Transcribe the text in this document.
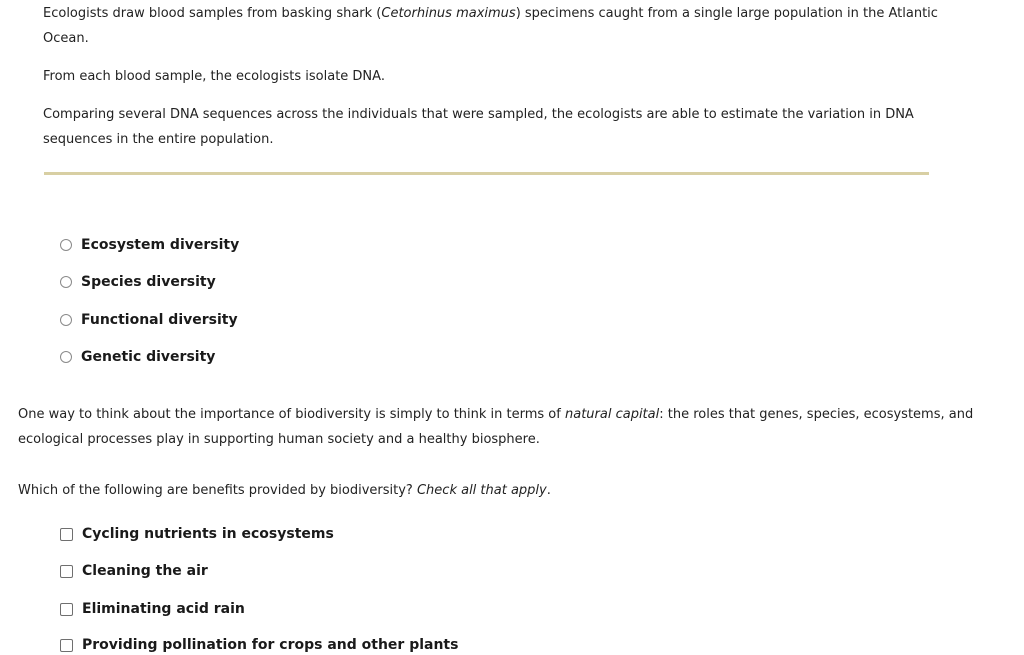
Ecologists draw blood samples from basking shark (Cetorhinus maximus) specimens caught from a single large population in the Atlantic Ocean.

From each blood sample, the ecologists isolate DNA.

Comparing several DNA sequences across the individuals that were sampled, the ecologists are able to estimate the variation in DNA sequences in the entire population.

Ecosystem diversity
Species diversity
Functional diversity
Genetic diversity

One way to think about the importance of biodiversity is simply to think in terms of natural capital: the roles that genes, species, ecosystems, and ecological processes play in supporting human society and a healthy biosphere.

Which of the following are benefits provided by biodiversity? Check all that apply.

Cycling nutrients in ecosystems
Cleaning the air
Eliminating acid rain
Providing pollination for crops and other plants
